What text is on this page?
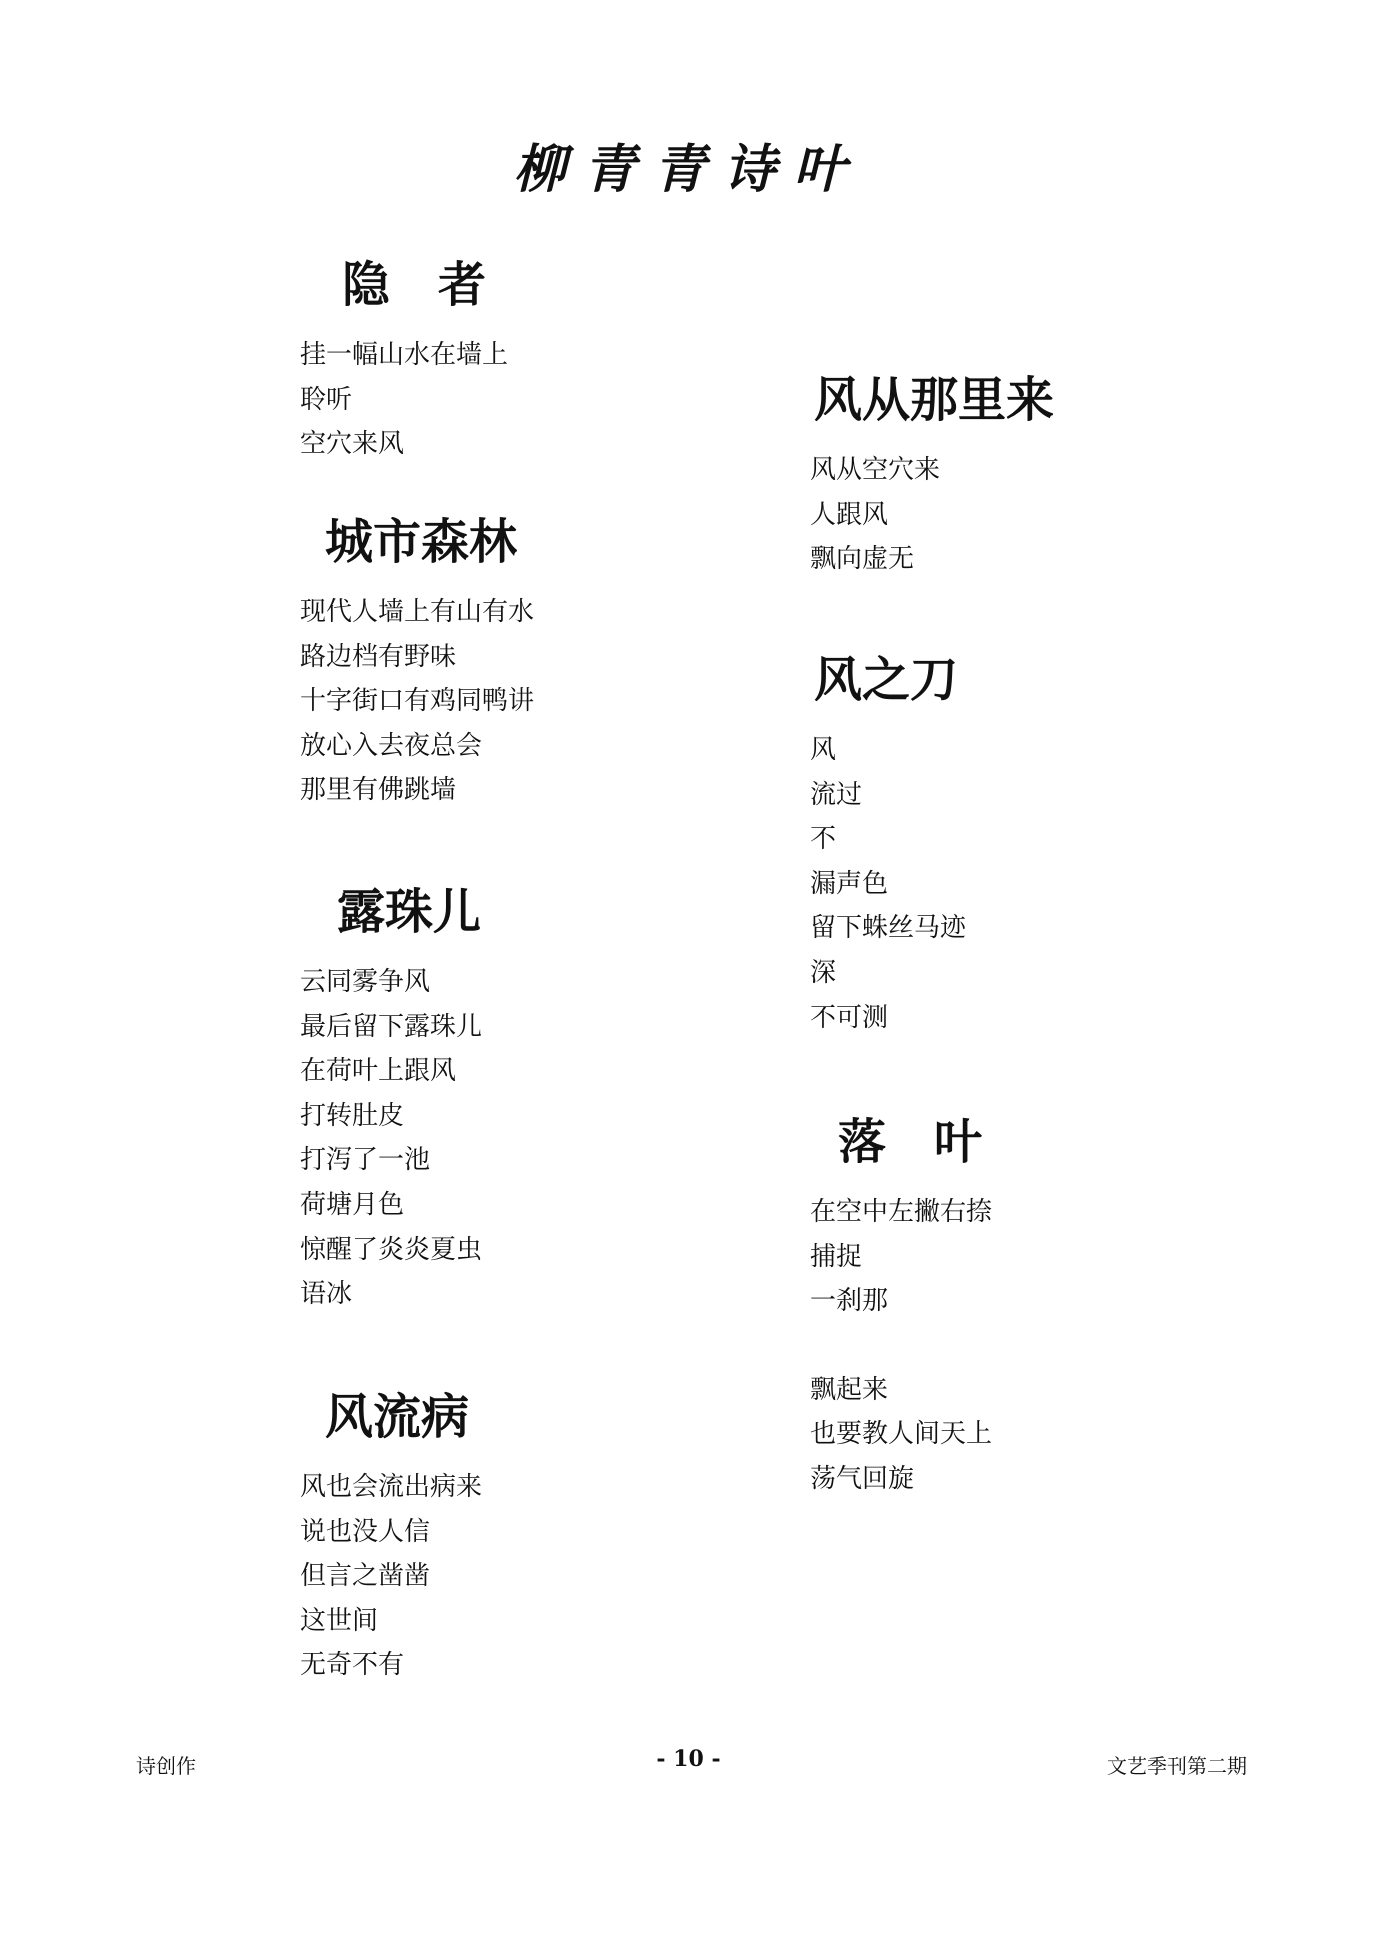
柳青青诗叶
隐　者

挂一幅山水在墙上

聆听

空穴来风

城市森林

现代人墙上有山有水

路边档有野味

十字街口有鸡同鸭讲

放心入去夜总会

那里有佛跳墙

露珠儿

云同雾争风

最后留下露珠儿

在荷叶上跟风

打转肚皮

打泻了一池

荷塘月色

惊醒了炎炎夏虫

语冰

风流病

风也会流出病来

说也没人信

但言之凿凿

这世间

无奇不有

风从那里来

风从空穴来

人跟风

飘向虚无

风之刀

风

流过

不

漏声色

留下蛛丝马迹

深

不可测

落　叶

在空中左撇右捺

捕捉

一刹那

飘起来

也要教人间天上

荡气回旋

诗创作	- 10 -	文艺季刊第二期
